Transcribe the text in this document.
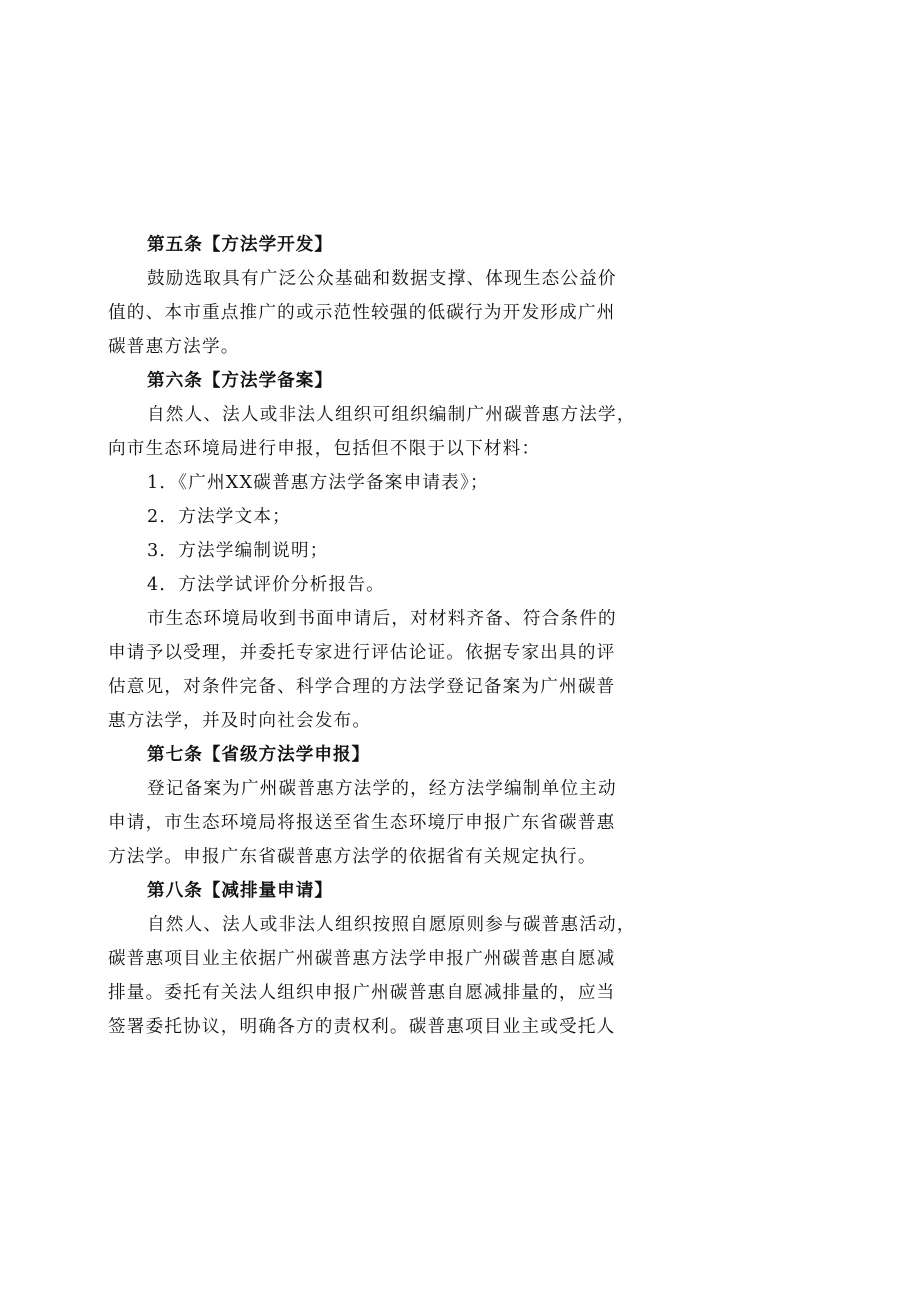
第五条【方法学开发】
鼓励选取具有广泛公众基础和数据支撑、体现生态公益价
值的、本市重点推广的或示范性较强的低碳行为开发形成广州
碳普惠方法学。
第六条【方法学备案】
自然人、法人或非法人组织可组织编制广州碳普惠方法学，
向市生态环境局进行申报，包括但不限于以下材料：
1．《广州XX碳普惠方法学备案申请表》；
2．方法学文本；
3．方法学编制说明；
4．方法学试评价分析报告。
市生态环境局收到书面申请后，对材料齐备、符合条件的
申请予以受理，并委托专家进行评估论证。依据专家出具的评
估意见，对条件完备、科学合理的方法学登记备案为广州碳普
惠方法学，并及时向社会发布。
第七条【省级方法学申报】
登记备案为广州碳普惠方法学的，经方法学编制单位主动
申请，市生态环境局将报送至省生态环境厅申报广东省碳普惠
方法学。申报广东省碳普惠方法学的依据省有关规定执行。
第八条【减排量申请】
自然人、法人或非法人组织按照自愿原则参与碳普惠活动，
碳普惠项目业主依据广州碳普惠方法学申报广州碳普惠自愿减
排量。委托有关法人组织申报广州碳普惠自愿减排量的，应当
签署委托协议，明确各方的责权利。碳普惠项目业主或受托人
